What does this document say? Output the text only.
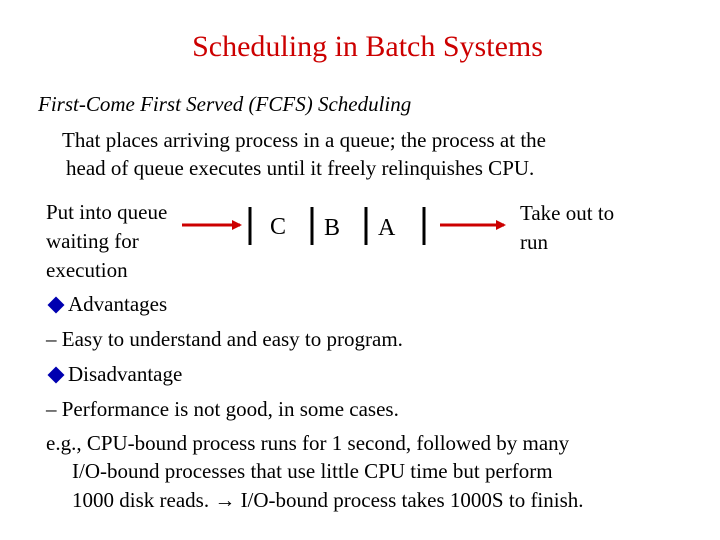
Scheduling in Batch Systems
First-Come First Served (FCFS) Scheduling
That places arriving process in a queue; the process at the
head of queue executes until it freely relinquishes CPU.
Put into queue
waiting for
execution
C B A
Take out to
run
Advantages
– Easy to understand and easy to program.
Disadvantage
– Performance is not good, in some cases.
e.g., CPU-bound process runs for 1 second, followed by many
I/O-bound processes that use little CPU time but perform
1000 disk reads. → I/O-bound process takes 1000S to finish.
